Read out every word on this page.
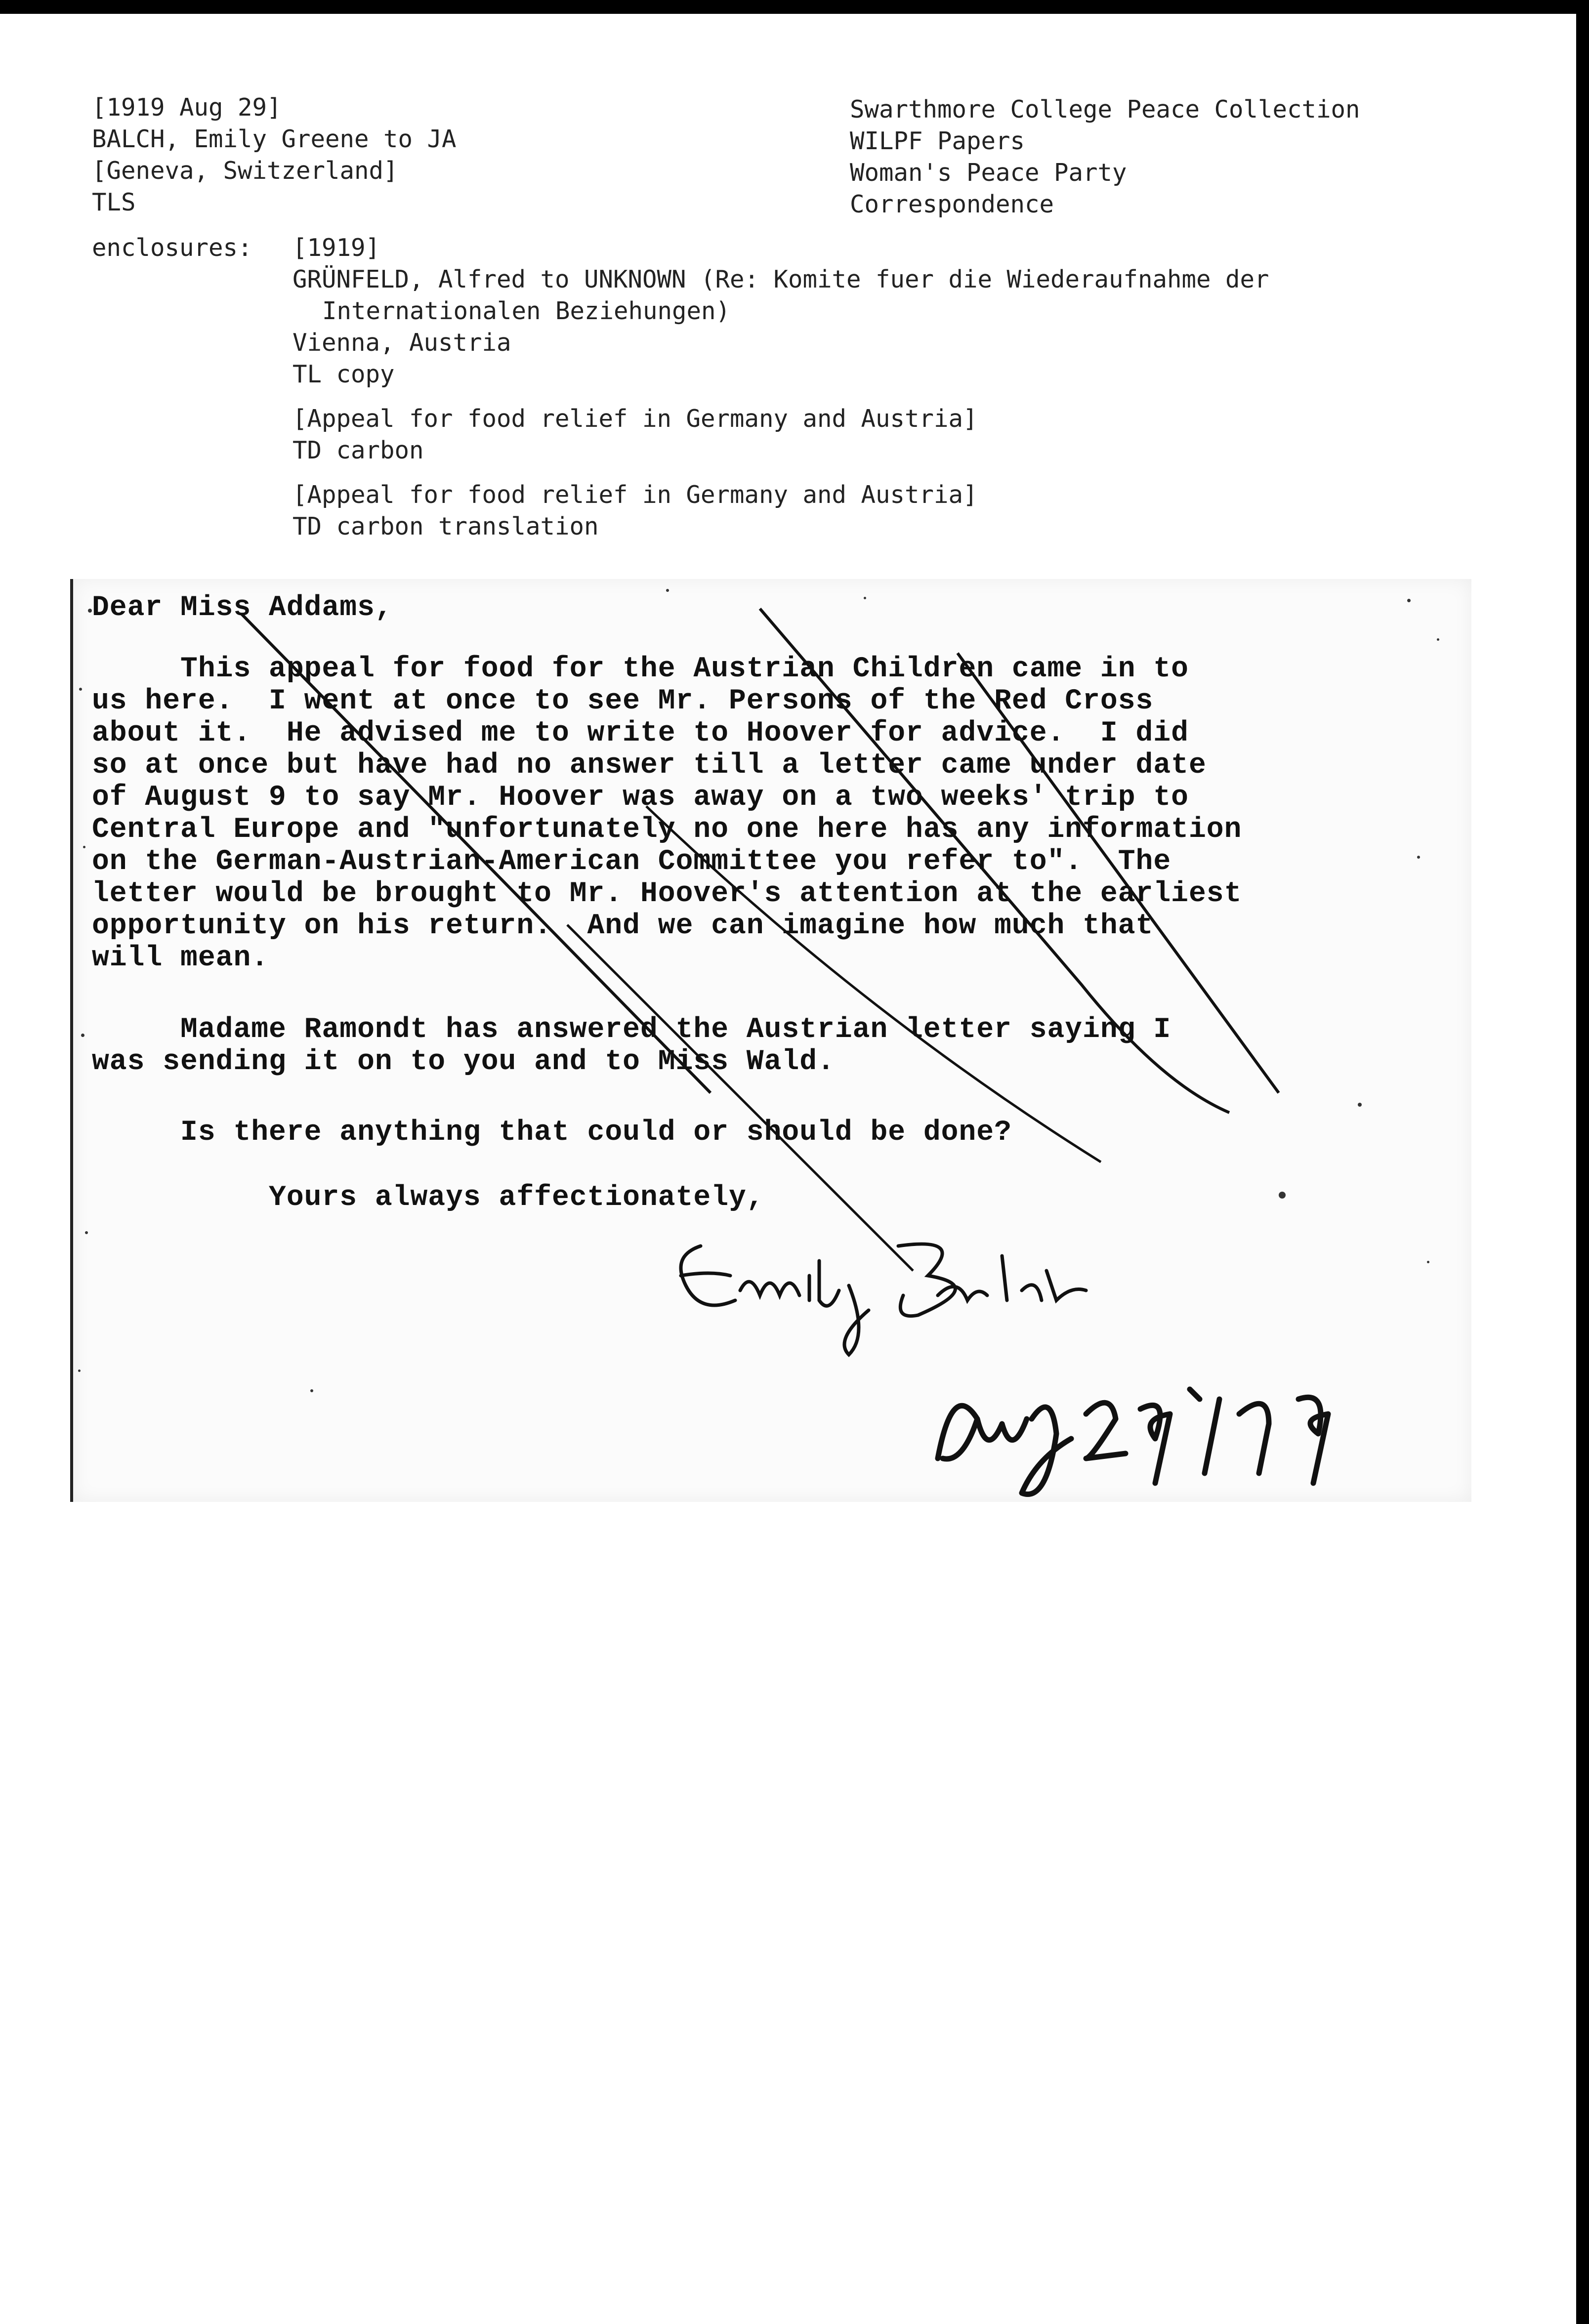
[1919 Aug 29]
BALCH, Emily Greene to JA
[Geneva, Switzerland]
TLS
Swarthmore College Peace Collection
WILPF Papers
Woman's Peace Party
Correspondence
enclosures: [1919]
GRÜNFELD, Alfred to UNKNOWN (Re: Komite fuer die Wiederaufnahme der
Internationalen Beziehungen)
Vienna, Austria
TL copy
[Appeal for food relief in Germany and Austria]
TD carbon
[Appeal for food relief in Germany and Austria]
TD carbon translation
Dear Miss Addams,
This appeal for food for the Austrian Children came in to
us here.  I went at once to see Mr. Persons of the Red Cross
about it.  He advised me to write to Hoover for advice.  I did
so at once but have had no answer till a letter came under date
of August 9 to say Mr. Hoover was away on a two weeks' trip to
Central Europe and "unfortunately no one here has any information
on the German-Austrian-American Committee you refer to".  The
letter would be brought to Mr. Hoover's attention at the earliest
opportunity on his return.  And we can imagine how much that
will mean.
Madame Ramondt has answered the Austrian letter saying I
was sending it on to you and to Miss Wald.
Is there anything that could or should be done?
Yours always affectionately,
